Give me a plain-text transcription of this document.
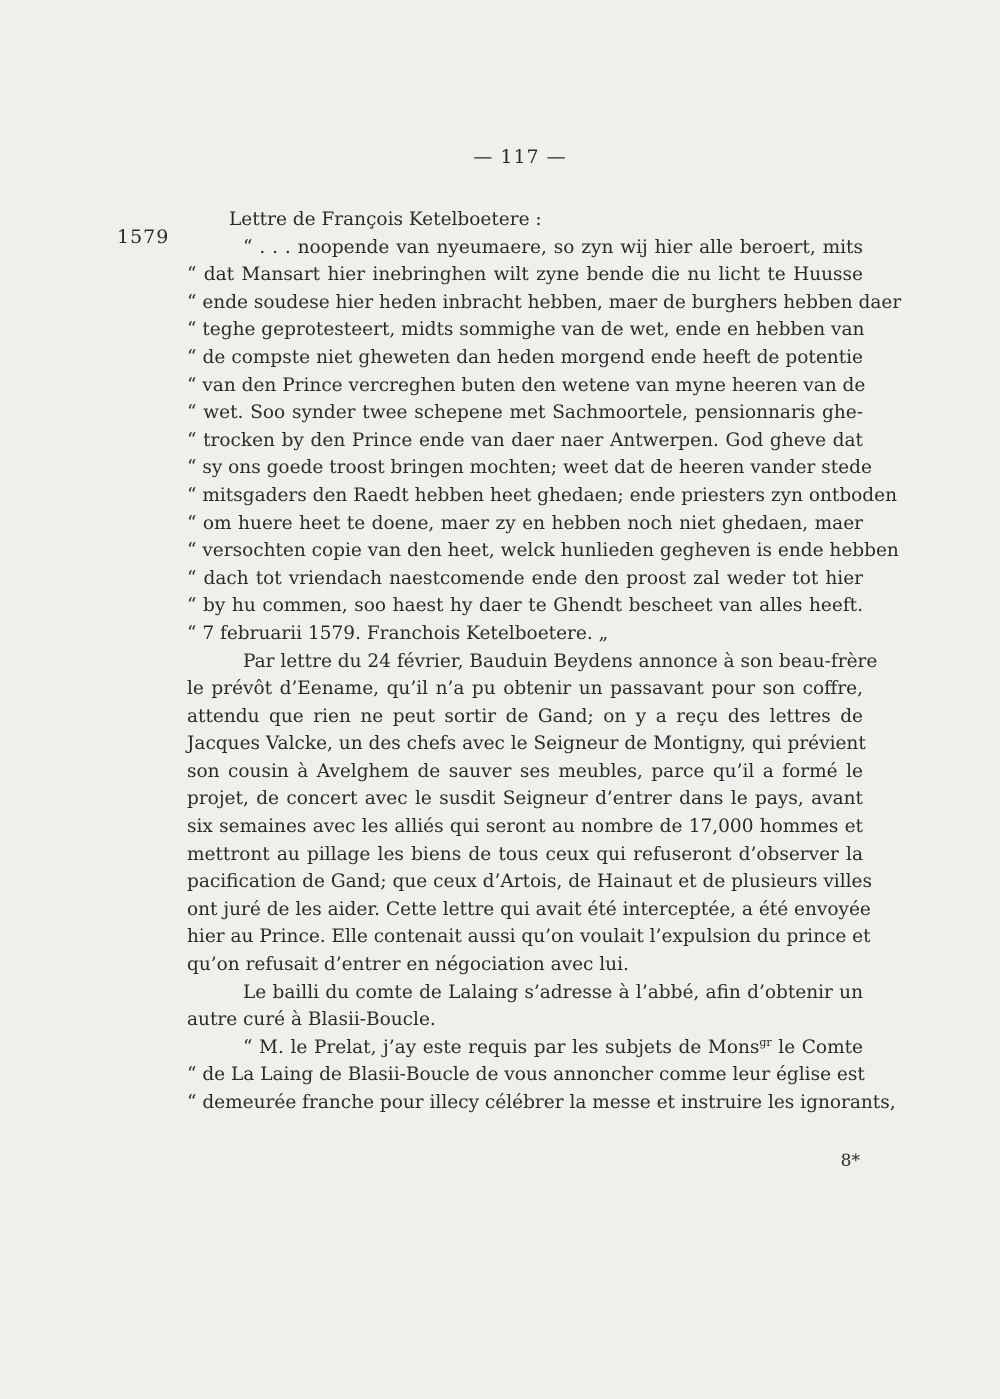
— 117 —
1579
Lettre de François Ketelboetere :
“ . . . noopende van nyeumaere, so zyn wij hier alle beroert, mits
“ dat Mansart hier inebringhen wilt zyne bende die nu licht te Huusse
“ ende soudese hier heden inbracht hebben, maer de burghers hebben daer
“ teghe geprotesteert, midts sommighe van de wet, ende en hebben van
“ de compste niet gheweten dan heden morgend ende heeft de potentie
“ van den Prince vercreghen buten den wetene van myne heeren van de
“ wet. Soo synder twee schepene met Sachmoortele, pensionnaris ghe-
“ trocken by den Prince ende van daer naer Antwerpen. God gheve dat
“ sy ons goede troost bringen mochten; weet dat de heeren vander stede
“ mitsgaders den Raedt hebben heet ghedaen; ende priesters zyn ontboden
“ om huere heet te doene, maer zy en hebben noch niet ghedaen, maer
“ versochten copie van den heet, welck hunlieden gegheven is ende hebben
“ dach tot vriendach naestcomende ende den proost zal weder tot hier
“ by hu commen, soo haest hy daer te Ghendt bescheet van alles heeft.
“ 7 februarii 1579. Franchois Ketelboetere. „
Par lettre du 24 février, Bauduin Beydens annonce à son beau-frère
le prévôt d’Eename, qu’il n’a pu obtenir un passavant pour son coffre,
attendu que rien ne peut sortir de Gand; on y a reçu des lettres de
Jacques Valcke, un des chefs avec le Seigneur de Montigny, qui prévient
son cousin à Avelghem de sauver ses meubles, parce qu’il a formé le
projet, de concert avec le susdit Seigneur d’entrer dans le pays, avant
six semaines avec les alliés qui seront au nombre de 17,000 hommes et
mettront au pillage les biens de tous ceux qui refuseront d’observer la
pacification de Gand; que ceux d’Artois, de Hainaut et de plusieurs villes
ont juré de les aider. Cette lettre qui avait été interceptée, a été envoyée
hier au Prince. Elle contenait aussi qu’on voulait l’expulsion du prince et
qu’on refusait d’entrer en négociation avec lui.
Le bailli du comte de Lalaing s’adresse à l’abbé, afin d’obtenir un
autre curé à Blasii-Boucle.
“ M. le Prelat, j’ay este requis par les subjets de Mons$^{gr}$ le Comte
“ de La Laing de Blasii-Boucle de vous annoncher comme leur église est
“ demeurée franche pour illecy célébrer la messe et instruire les ignorants,
8*
